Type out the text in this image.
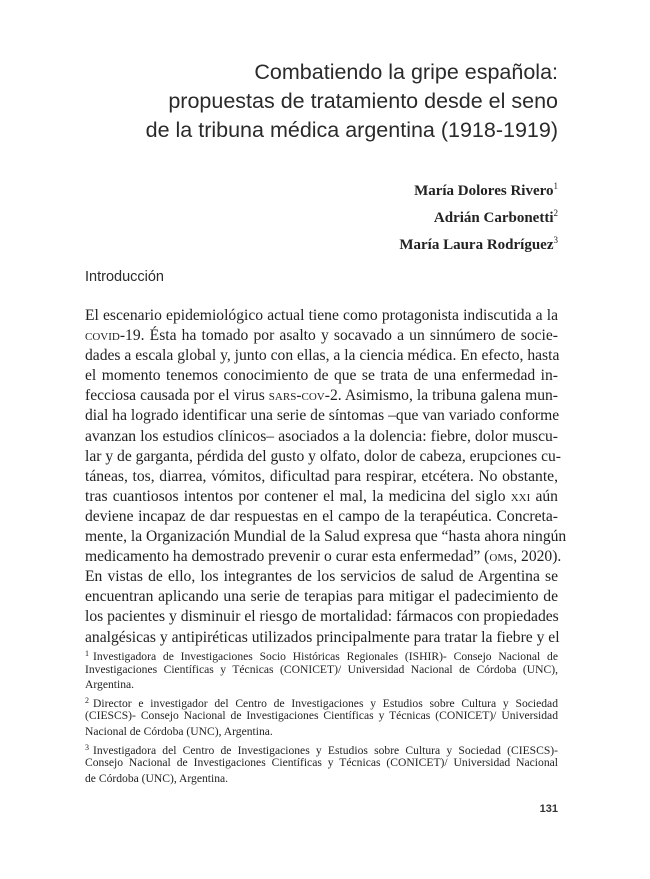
Combatiendo la gripe española:
propuestas de tratamiento desde el seno
de la tribuna médica argentina (1918-1919)
María Dolores Rivero$^1$
Adrián Carbonetti$^2$
María Laura Rodríguez$^3$
Introducción
El escenario epidemiológico actual tiene como protagonista indiscutida a la
covid-19. Ésta ha tomado por asalto y socavado a un sinnúmero de socie-
dades a escala global y, junto con ellas, a la ciencia médica. En efecto, hasta
el momento tenemos conocimiento de que se trata de una enfermedad in-
fecciosa causada por el virus sars-cov-2. Asimismo, la tribuna galena mun-
dial ha logrado identificar una serie de síntomas –que van variado conforme
avanzan los estudios clínicos– asociados a la dolencia: fiebre, dolor muscu-
lar y de garganta, pérdida del gusto y olfato, dolor de cabeza, erupciones cu-
táneas, tos, diarrea, vómitos, dificultad para respirar, etcétera. No obstante,
tras cuantiosos intentos por contener el mal, la medicina del siglo xxi aún
deviene incapaz de dar respuestas en el campo de la terapéutica. Concreta-
mente, la Organización Mundial de la Salud expresa que “hasta ahora ningún
medicamento ha demostrado prevenir o curar esta enfermedad” (oms, 2020).
En vistas de ello, los integrantes de los servicios de salud de Argentina se
encuentran aplicando una serie de terapias para mitigar el padecimiento de
los pacientes y disminuir el riesgo de mortalidad: fármacos con propiedades
analgésicas y antipiréticas utilizados principalmente para tratar la fiebre y el
$^1$ Investigadora de Investigaciones Socio Históricas Regionales (ISHIR)- Consejo Nacional de
Investigaciones Científicas y Técnicas (CONICET)/ Universidad Nacional de Córdoba (UNC),
Argentina.
$^2$ Director e investigador del Centro de Investigaciones y Estudios sobre Cultura y Sociedad
(CIESCS)- Consejo Nacional de Investigaciones Científicas y Técnicas (CONICET)/ Universidad
Nacional de Córdoba (UNC), Argentina.
$^3$ Investigadora del Centro de Investigaciones y Estudios sobre Cultura y Sociedad (CIESCS)-
Consejo Nacional de Investigaciones Científicas y Técnicas (CONICET)/ Universidad Nacional
de Córdoba (UNC), Argentina.
131
